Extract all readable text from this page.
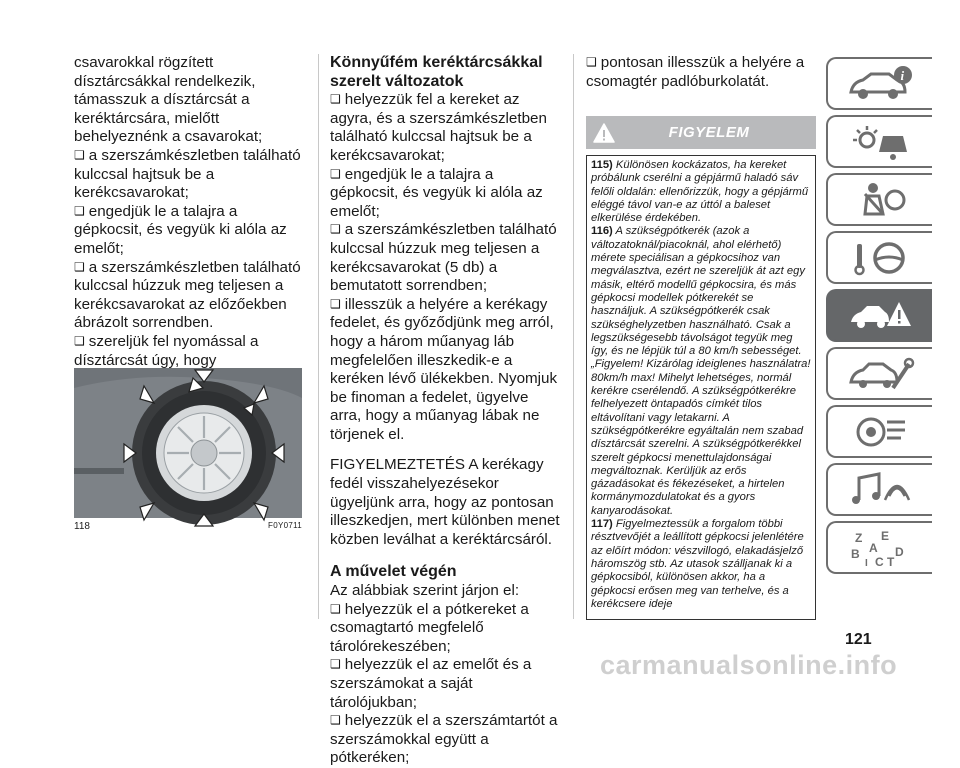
csavarokkal rögzített dísztárcsákkal rendelkezik, támasszuk a dísztárcsát a keréktárcsára, mielőtt behelyeznénk a csavarokat;

❑ a szerszámkészletben található kulccsal hajtsuk be a kerékcsavarokat;

❑ engedjük le a talajra a gépkocsit, és vegyük ki alóla az emelőt;

❑ a szerszámkészletben található kulccsal húzzuk meg teljesen a kerékcsavarokat az előzőekben ábrázolt sorrendben.

❑ szereljük fel nyomással a dísztárcsát úgy, hogy

118	F0Y0711
Könnyűfém keréktárcsákkal szerelt változatok

❑ helyezzük fel a kereket az agyra, és a szerszámkészletben található kulccsal hajtsuk be a kerékcsavarokat;

❑ engedjük le a talajra a gépkocsit, és vegyük ki alóla az emelőt;

❑ a szerszámkészletben található kulccsal húzzuk meg teljesen a kerékcsavarokat (5 db) a bemutatott sorrendben;

❑ illesszük a helyére a kerékagy fedelet, és győződjünk meg arról, hogy a három műanyag láb megfelelően illeszkedik-e a keréken lévő ülékekben. Nyomjuk be finoman a fedelet, ügyelve arra, hogy a műanyag lábak ne törjenek el.

FIGYELMEZTETÉS A kerékagy fedél visszahelyezésekor ügyeljünk arra, hogy az pontosan illeszkedjen, mert különben menet közben leválhat a keréktárcsáról.

A művelet végén

Az alábbiak szerint járjon el:

❑ helyezzük el a pótkereket a csomagtartó megfelelő tárolórekeszében;

❑ helyezzük el az emelőt és a szerszámokat a saját tárolójukban;

❑ helyezzük el a szerszámtartót a szerszámokkal együtt a pótkeréken;

❑ pontosan illesszük a helyére a csomagtér padlóburkolatát.

FIGYELEM

115) Különösen kockázatos, ha kereket próbálunk cserélni a gépjármű haladó sáv felőli oldalán: ellenőrizzük, hogy a gépjármű eléggé távol van-e az úttól a baleset elkerülése érdekében.

116) A szükségpótkerék (azok a változatoknál/piacoknál, ahol elérhető) mérete speciálisan a gépkocsihoz van megválasztva, ezért ne szereljük át azt egy másik, eltérő modellű gépkocsira, és más gépkocsi modellek pótkerekét se használjuk. A szükségpótkerék csak szükséghelyzetben használható. Csak a legszükségesebb távolságot tegyük meg így, és ne lépjük túl a 80 km/h sebességet. „Figyelem! Kizárólag ideiglenes használatra! 80km/h max! Mihelyt lehetséges, normál kerékre cserélendő. A szükségpótkerékre felhelyezett öntapadós címkét tilos eltávolítani vagy letakarni. A szükségpótkerékre egyáltalán nem szabad dísztárcsát szerelni. A szükségpótkerékkel szerelt gépkocsi menettulajdonságai megváltoznak. Kerüljük az erős gázadásokat és fékezéseket, a hirtelen kormánymozdulatokat és a gyors kanyarodásokat.

117) Figyelmeztessük a forgalom többi résztvevőjét a leállított gépkocsi jelenlétére az előírt módon: vészvillogó, elakadásjelző háromszög stb. Az utasok szálljanak ki a gépkocsiból, különösen akkor, ha a gépkocsi erősen meg van terhelve, és a kerékcsere ideje

i
Z E
B A D
I C T
121
carmanualsonline.info
